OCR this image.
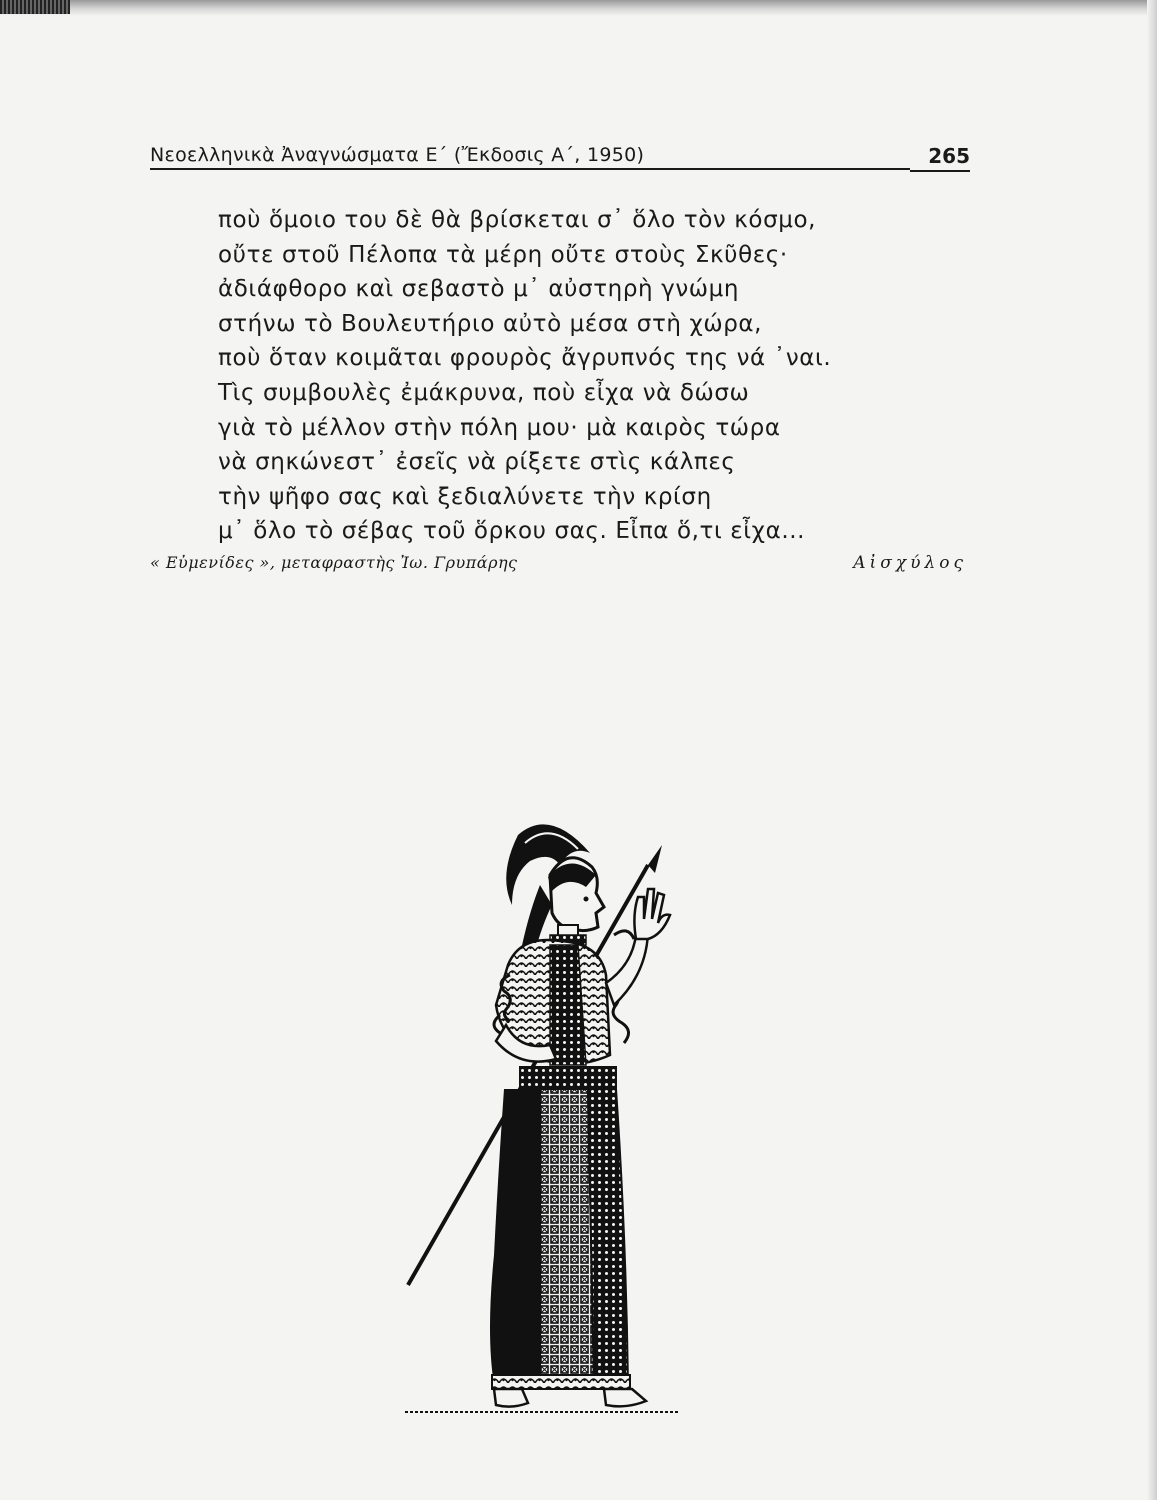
Νεοελληνικὰ Ἀναγνώσματα Ε΄ (Ἔκδοσις Α΄, 1950)	265
ποὺ ὅμοιο του δὲ θὰ βρίσκεται σ᾿ ὅλο τὸν κόσμο,
οὔτε στοῦ Πέλοπα τὰ μέρη οὔτε στοὺς Σκῦθες·
ἀδιάφθορο καὶ σεβαστὸ μ᾿ αὐστηρὴ γνώμη
στήνω τὸ Βουλευτήριο αὐτὸ μέσα στὴ χώρα,
ποὺ ὅταν κοιμᾶται φρουρὸς ἄγρυπνός της νά ᾿ναι.
Τὶς συμβουλὲς ἐμάκρυνα, ποὺ εἶχα νὰ δώσω
γιὰ τὸ μέλλον στὴν πόλη μου· μὰ καιρὸς τώρα
νὰ σηκώνεστ᾿ ἐσεῖς νὰ ρίξετε στὶς κάλπες
τὴν ψῆφο σας καὶ ξεδιαλύνετε τὴν κρίση
μ᾿ ὅλο τὸ σέβας τοῦ ὅρκου σας. Εἶπα ὅ,τι εἶχα...
« Εὐμενίδες », μεταφραστὴς Ἰω. Γρυπάρης	Αἰσχύλος
